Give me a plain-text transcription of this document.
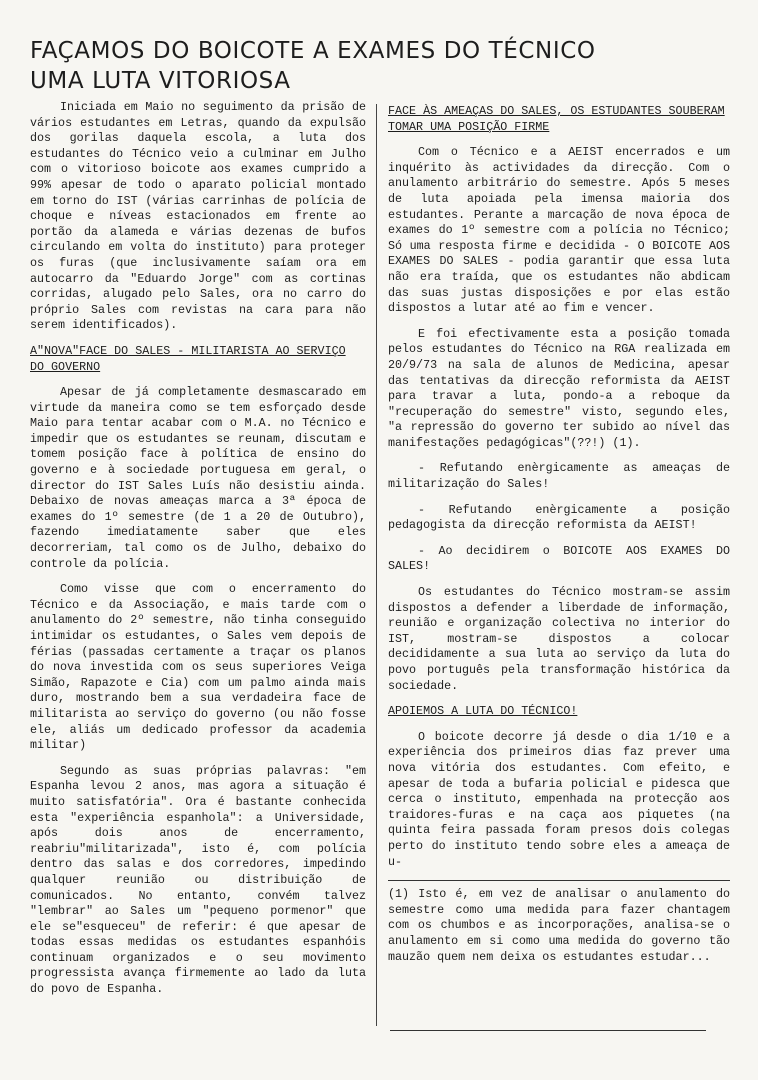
FAÇAMOS DO BOICOTE A EXAMES DO TÉCNICO
UMA LUTA VITORIOSA

Iniciada em Maio no seguimento da prisão de vários estudantes em Letras, quando da expulsão dos gorilas daquela escola, a luta dos estudantes do Técnico veio a culminar em Julho com o vitorioso boicote aos exames cumprido a 99% apesar de todo o aparato policial montado em torno do IST (várias carrinhas de polícia de choque e níveas estacionados em frente ao portão da alameda e várias dezenas de bufos circulando em volta do instituto) para proteger os furas (que inclusivamente saíam ora em autocarro da "Eduardo Jorge" com as cortinas corridas, alugado pelo Sales, ora no carro do próprio Sales com revistas na cara para não serem identificados).

A"NOVA"FACE DO SALES - MILITARISTA AO SERVIÇO DO GOVERNO

Apesar de já completamente desmascarado em virtude da maneira como se tem esforçado desde Maio para tentar acabar com o M.A. no Técnico e impedir que os estudantes se reunam, discutam e tomem posição face à política de ensino do governo e à sociedade portuguesa em geral, o director do IST Sales Luís não desistiu ainda. Debaixo de novas ameaças marca a 3ª época de exames do 1º semestre (de 1 a 20 de Outubro), fazendo imediatamente saber que eles decorreriam, tal como os de Julho, debaixo do controle da polícia.

Como visse que com o encerramento do Técnico e da Associação, e mais tarde com o anulamento do 2º semestre, não tinha conseguido intimidar os estudantes, o Sales vem depois de férias (passadas certamente a traçar os planos do nova investida com os seus superiores Veiga Simão, Rapazote e Cia) com um palmo ainda mais duro, mostrando bem a sua verdadeira face de militarista ao serviço do governo (ou não fosse ele, aliás um dedicado professor da academia militar)

Segundo as suas próprias palavras: "em Espanha levou 2 anos, mas agora a situação é muito satisfatória". Ora é bastante conhecida esta "experiência espanhola": a Universidade, após dois anos de encerramento, reabriu"militarizada", isto é, com polícia dentro das salas e dos corredores, impedindo qualquer reunião ou distribuição de comunicados. No entanto, convém talvez "lembrar" ao Sales um "pequeno pormenor" que ele se"esqueceu" de referir: é que apesar de todas essas medidas os estudantes espanhóis continuam organizados e o seu movimento progressista avança firmemente ao lado da luta do povo de Espanha.

FACE ÀS AMEAÇAS DO SALES, OS ESTUDANTES SOUBERAM TOMAR UMA POSIÇÃO FIRME

Com o Técnico e a AEIST encerrados e um inquérito às actividades da direcção. Com o anulamento arbitrário do semestre. Após 5 meses de luta apoiada pela imensa maioria dos estudantes. Perante a marcação de nova época de exames do 1º semestre com a polícia no Técnico; Só uma resposta firme e decidida - O BOICOTE AOS EXAMES DO SALES - podia garantir que essa luta não era traída, que os estudantes não abdicam das suas justas disposições e por elas estão dispostos a lutar até ao fim e vencer.

E foi efectivamente esta a posição tomada pelos estudantes do Técnico na RGA realizada em 20/9/73 na sala de alunos de Medicina, apesar das tentativas da direcção reformista da AEIST para travar a luta, pondo-a a reboque da "recuperação do semestre" visto, segundo eles, "a repressão do governo ter subido ao nível das manifestações pedagógicas"(??!) (1).

- Refutando enèrgicamente as ameaças de militarização do Sales!

- Refutando enèrgicamente a posição pedagogista da direcção reformista da AEIST!

- Ao decidirem o BOICOTE AOS EXAMES DO SALES!

Os estudantes do Técnico mostram-se assim dispostos a defender a liberdade de informação, reunião e organização colectiva no interior do IST, mostram-se dispostos a colocar decididamente a sua luta ao serviço da luta do povo português pela transformação histórica da sociedade.

APOIEMOS A LUTA DO TÉCNICO!

O boicote decorre já desde o dia 1/10 e a experiência dos primeiros dias faz prever uma nova vitória dos estudantes. Com efeito, e apesar de toda a bufaria policial e pidesca que cerca o instituto, empenhada na protecção aos traidores-furas e na caça aos piquetes (na quinta feira passada foram presos dois colegas perto do instituto tendo sobre eles a ameaça de u-

(1) Isto é, em vez de analisar o anulamento do semestre como uma medida para fazer chantagem com os chumbos e as incorporações, analisa-se o anulamento em si como uma medida do governo tão mauzão quem nem deixa os estudantes estudar...
